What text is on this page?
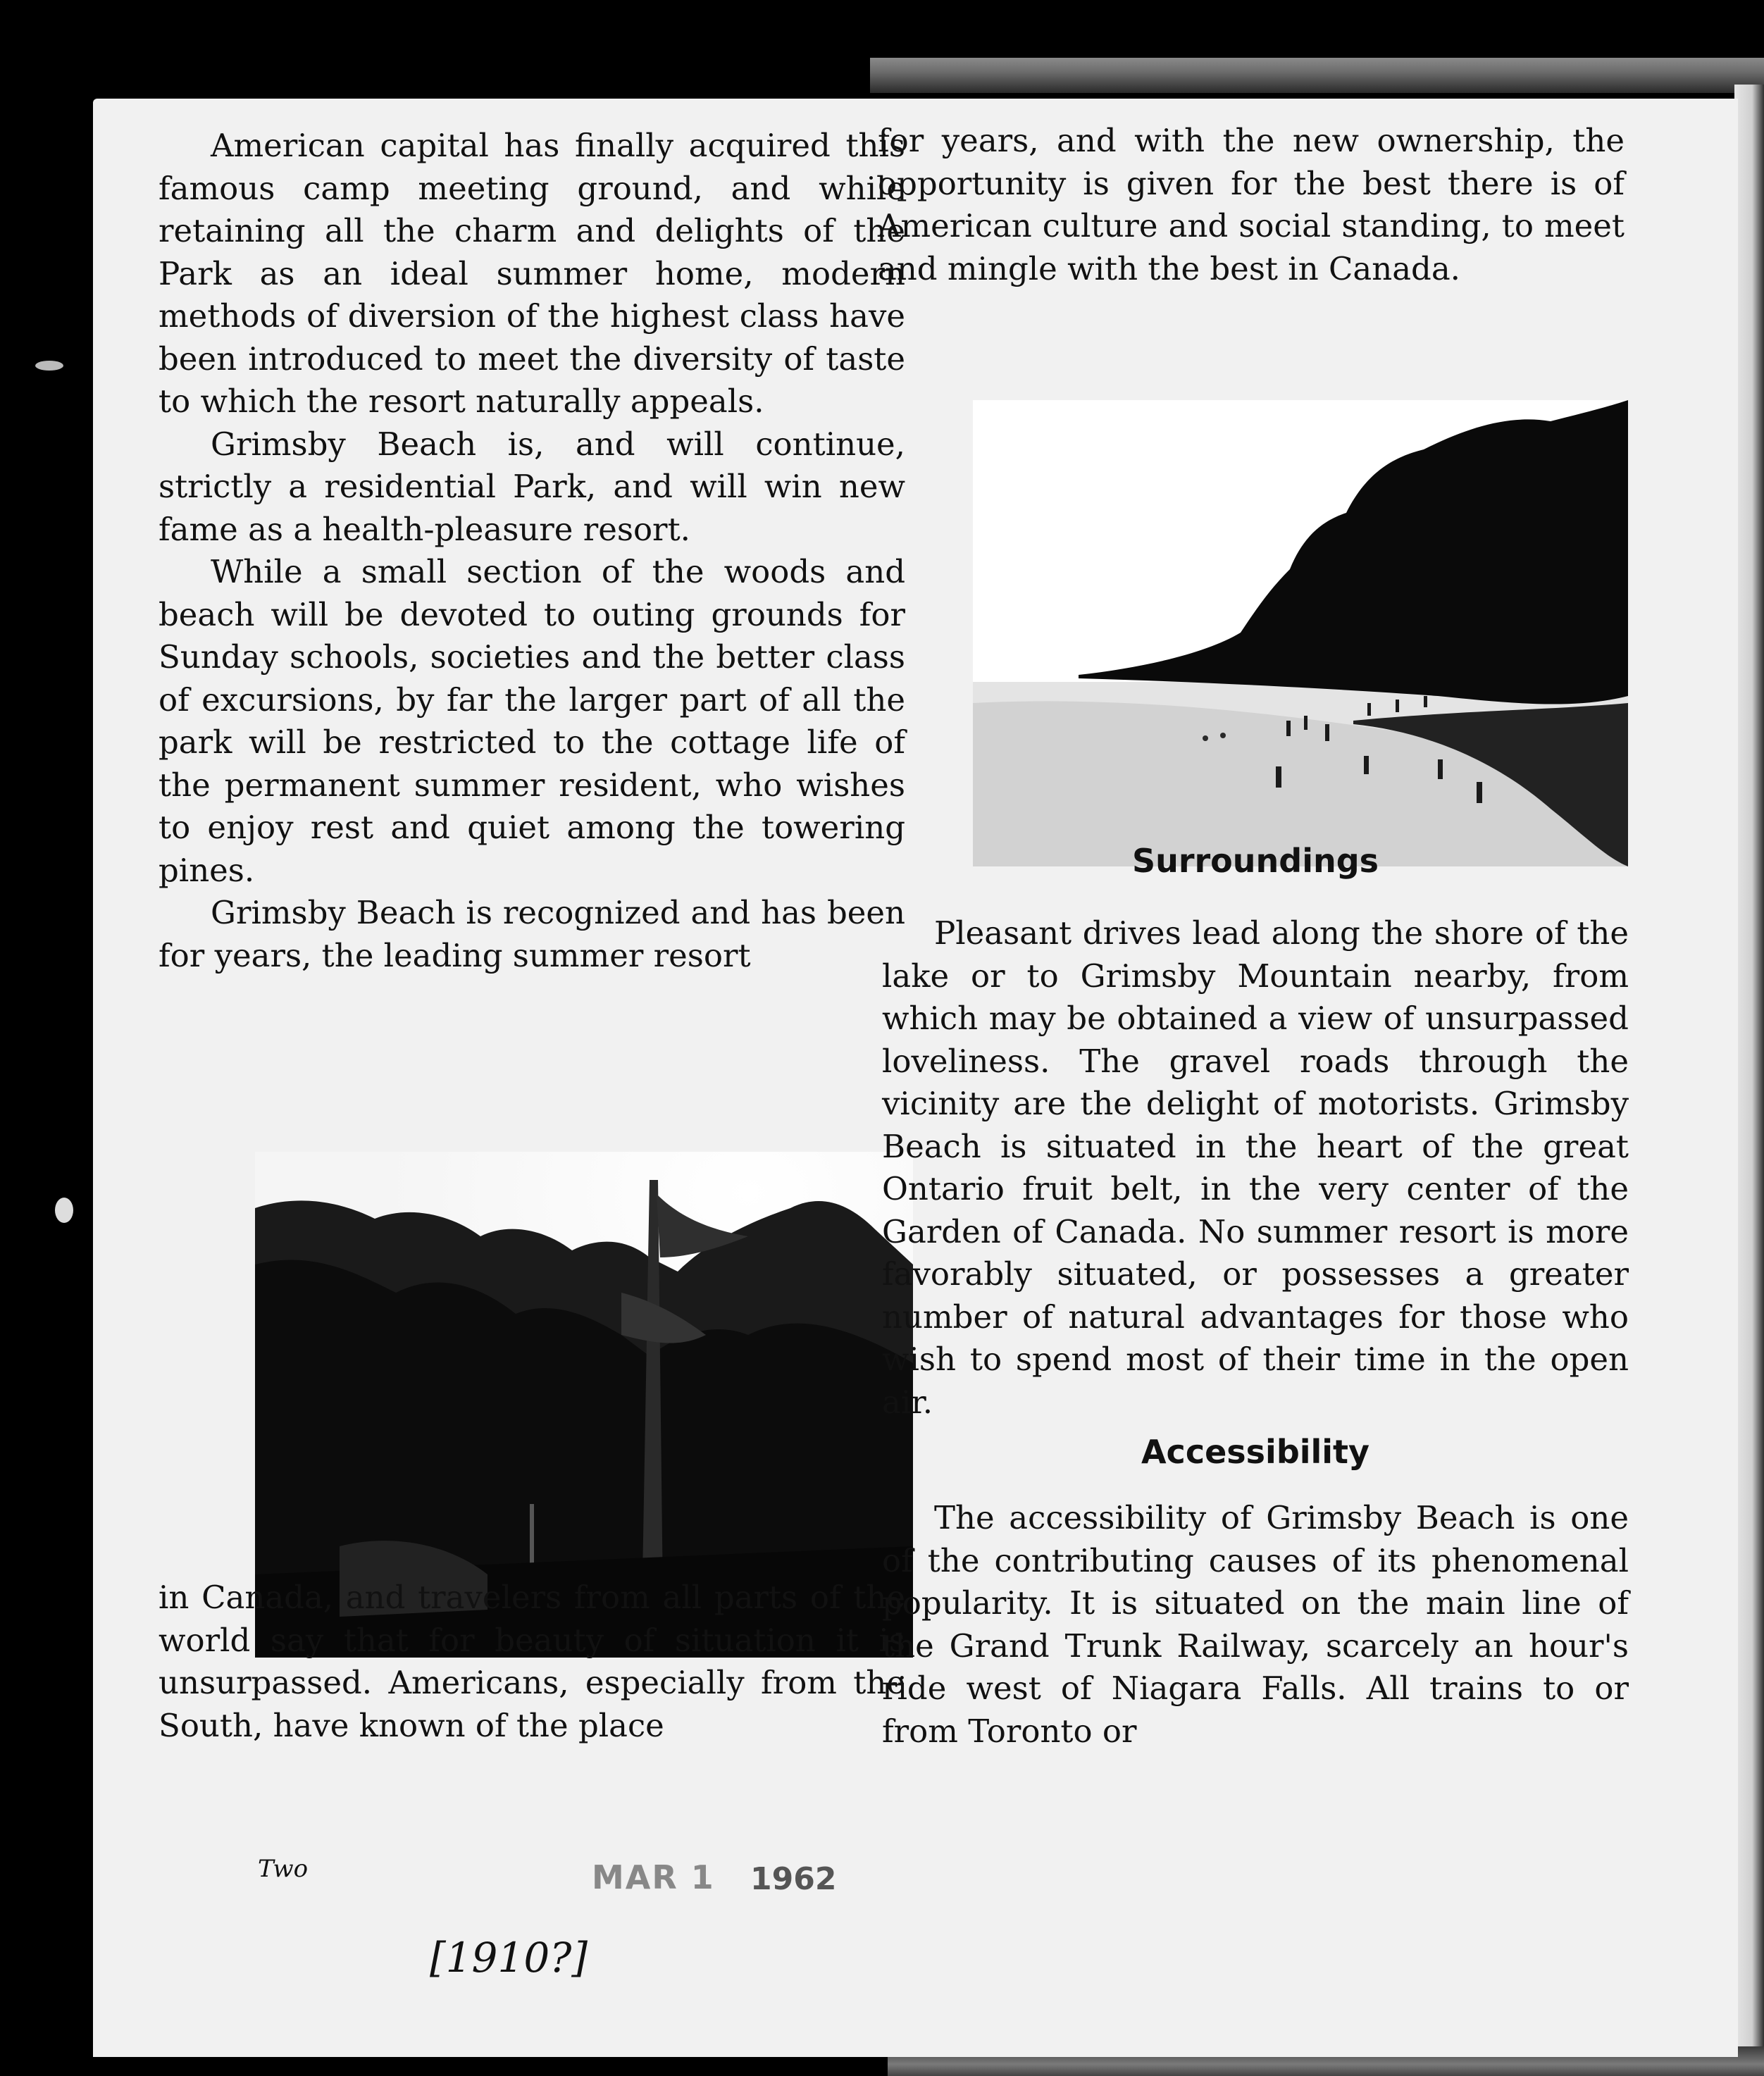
American capital has finally acquired this famous camp meeting ground, and while retaining all the charm and delights of the Park as an ideal summer home, modern methods of diversion of the highest class have been introduced to meet the diversity of taste to which the resort naturally appeals.

Grimsby Beach is, and will continue, strictly a residential Park, and will win new fame as a health-pleasure resort.

While a small section of the woods and beach will be devoted to outing grounds for Sunday schools, societies and the better class of excursions, by far the larger part of all the park will be restricted to the cottage life of the permanent summer resident, who wishes to enjoy rest and quiet among the towering pines.

Grimsby Beach is recognized and has been for years, the leading summer resort

in Canada, and travelers from all parts of the world say that for beauty of situation it is unsurpassed. Americans, especially from the South, have known of the place

for years, and with the new ownership, the opportunity is given for the best there is of American culture and social standing, to meet and mingle with the best in Canada.

Surroundings

Pleasant drives lead along the shore of the lake or to Grimsby Mountain nearby, from which may be obtained a view of unsurpassed loveliness. The gravel roads through the vicinity are the delight of motorists. Grimsby Beach is situated in the heart of the great Ontario fruit belt, in the very center of the Garden of Canada. No summer resort is more favorably situated, or possesses a greater number of natural advantages for those who wish to spend most of their time in the open air.

Accessibility

The accessibility of Grimsby Beach is one of the contributing causes of its phenomenal popularity. It is situated on the main line of the Grand Trunk Railway, scarcely an hour's ride west of Niagara Falls. All trains to or from Toronto or

Two	MAR 1 1962
[1910?]
